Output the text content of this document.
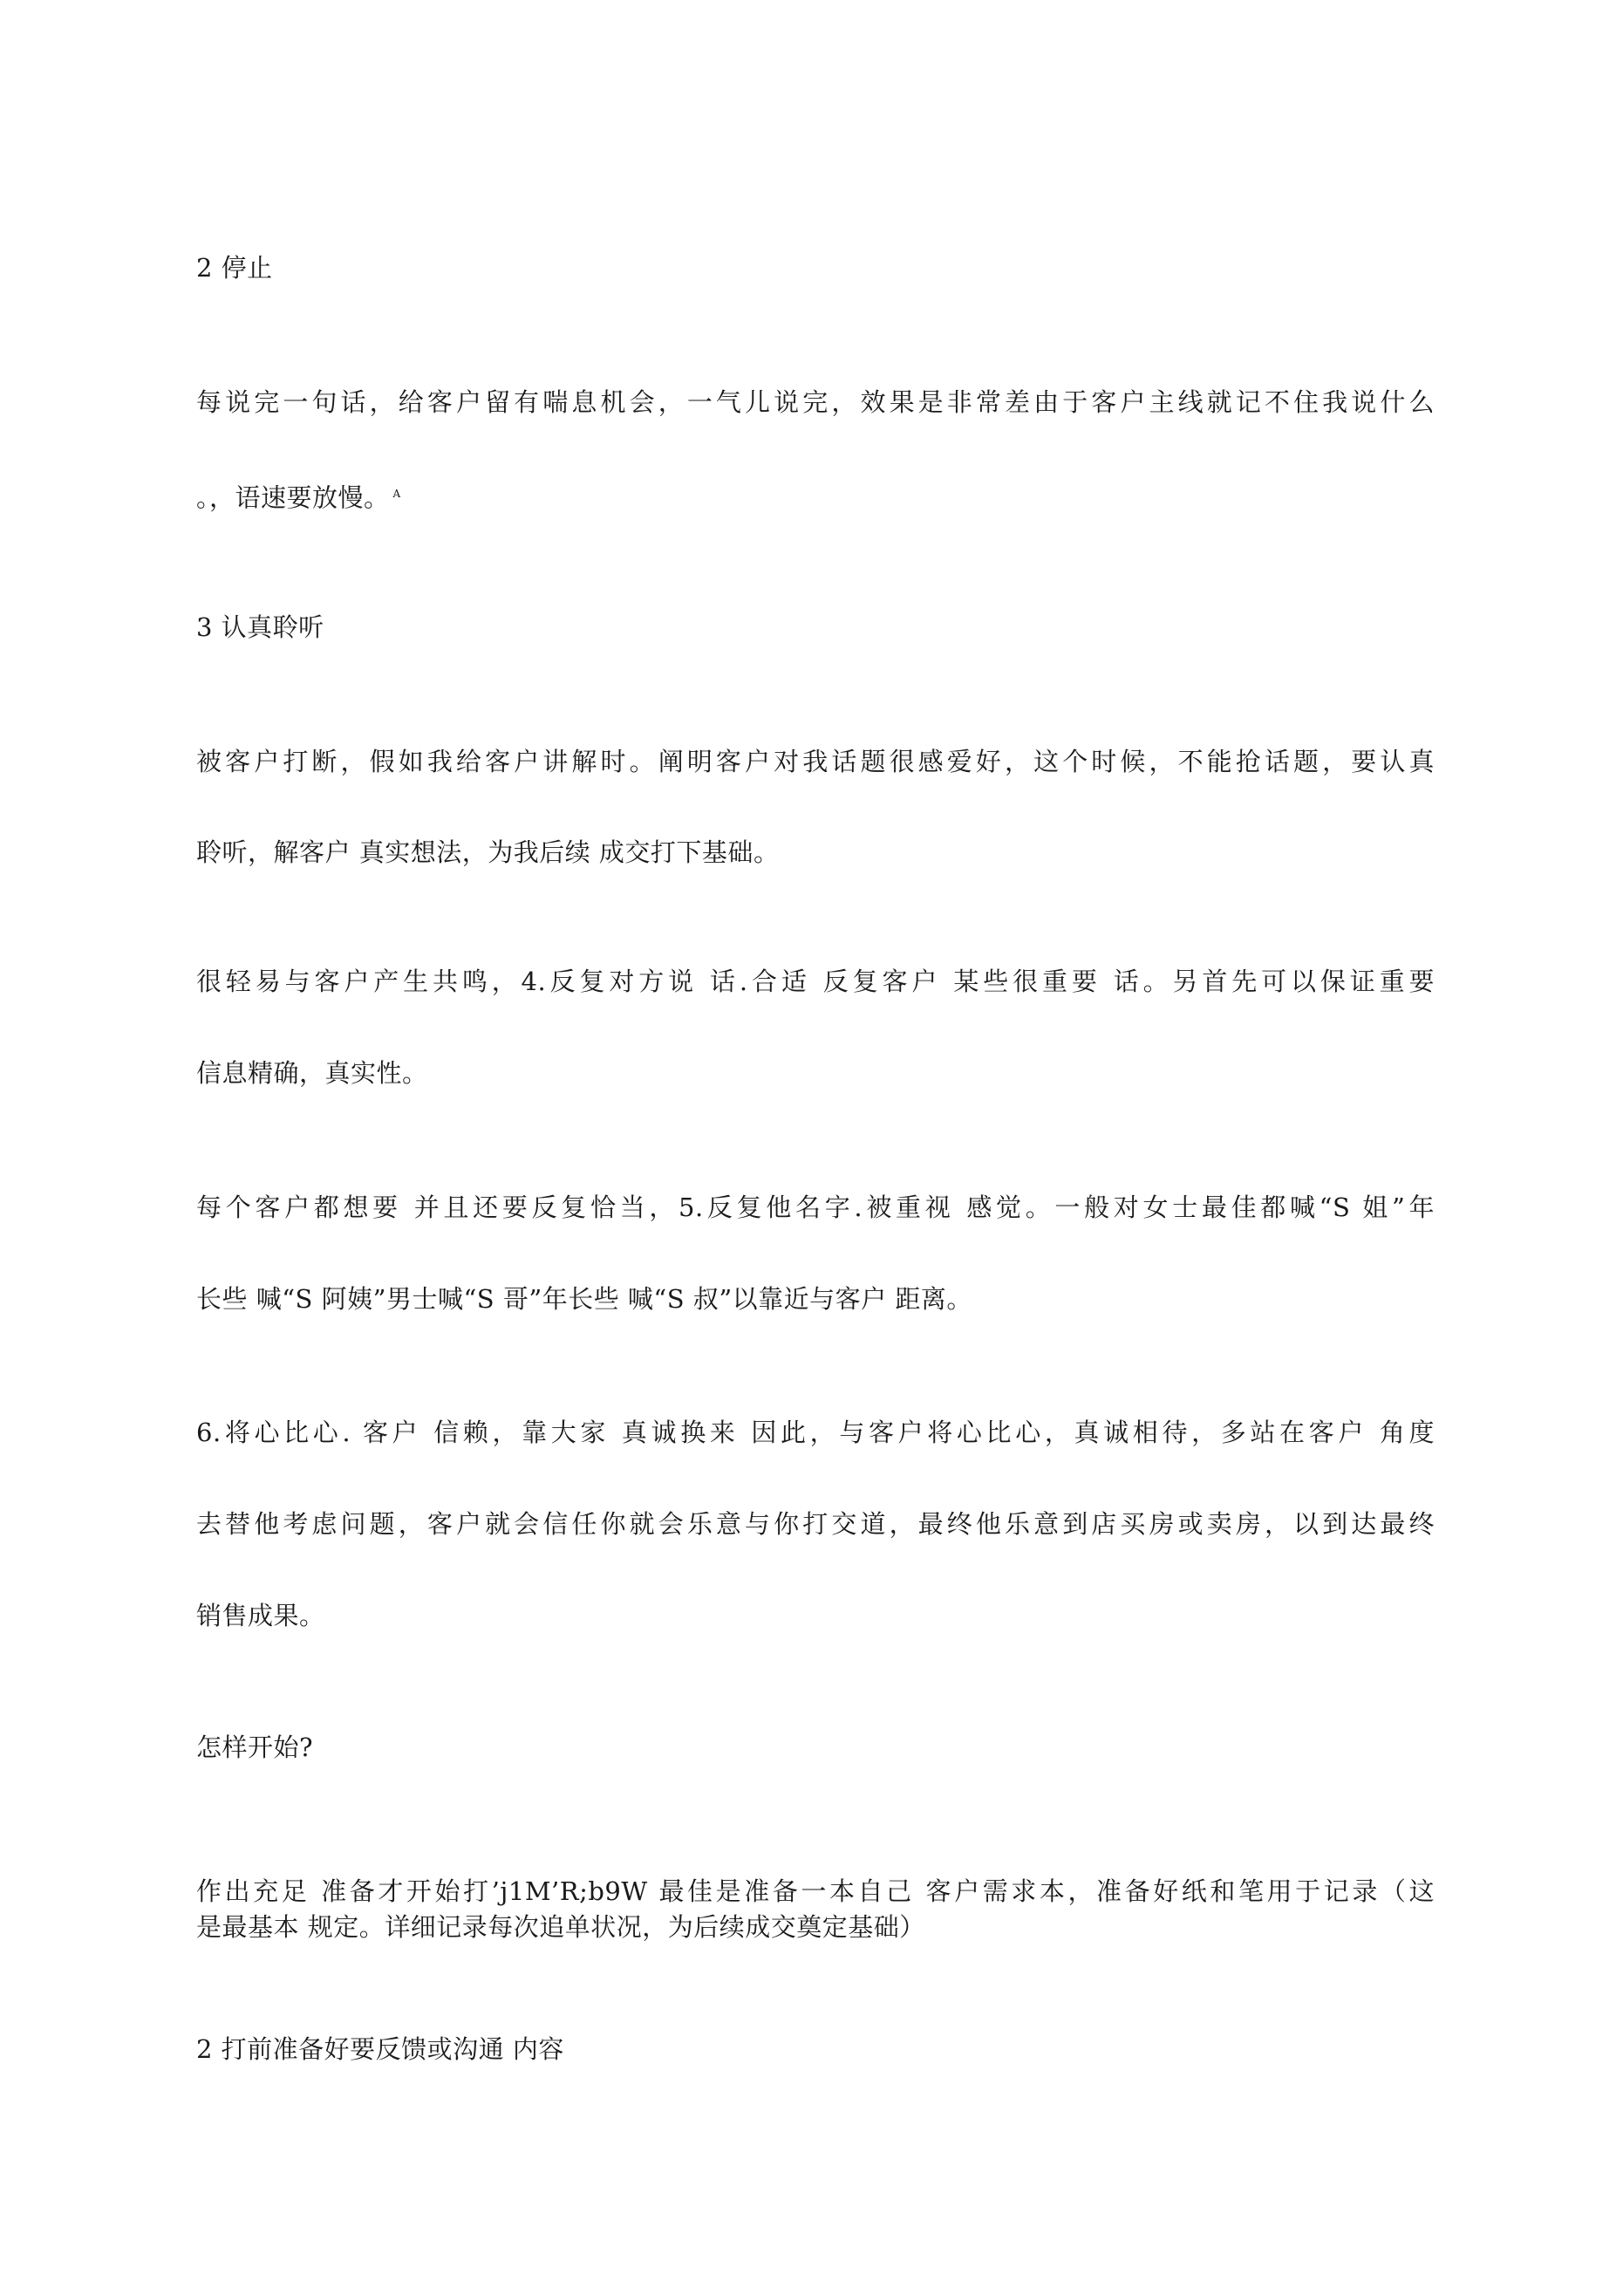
2 停止
每说完一句话，给客户留有喘息机会，一气儿说完，效果是非常差由于客户主线就记不住我说什么
。，语速要放慢。 $^A$
3 认真聆听
被客户打断，假如我给客户讲解时。阐明客户对我话题很感爱好，这个时候，不能抢话题，要认真
聆听，解客户 真实想法，为我后续 成交打下基础。
很轻易与客户产生共鸣，4.反复对方说 话.合适 反复客户 某些很重要 话。另首先可以保证重要
信息精确，真实性。
每个客户都想要 并且还要反复恰当，5.反复他名字.被重视 感觉。一般对女士最佳都喊“S 姐”年
长些 喊“S 阿姨”男士喊“S 哥”年长些 喊“S 叔”以靠近与客户 距离。
6.将心比心. 客户 信赖，靠大家 真诚换来 因此，与客户将心比心，真诚相待，多站在客户 角度
去替他考虑问题，客户就会信任你就会乐意与你打交道，最终他乐意到店买房或卖房，以到达最终
销售成果。
怎样开始?
作出充足 准备才开始打’j1M’R;b9W 最佳是准备一本自己 客户需求本，准备好纸和笔用于记录（这
是最基本 规定。详细记录每次追单状况，为后续成交奠定基础）
2 打前准备好要反馈或沟通 内容
